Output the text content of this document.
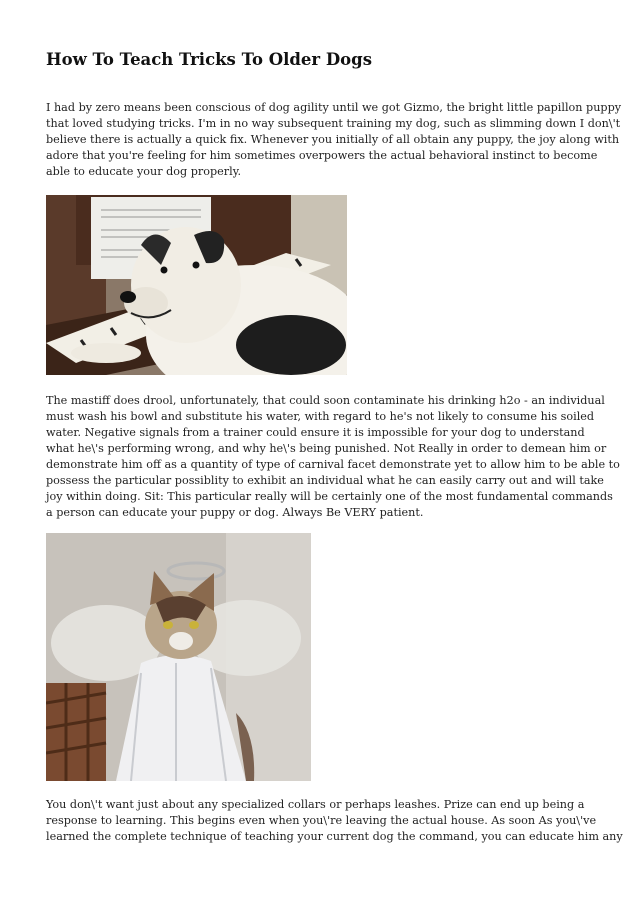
How To Teach Tricks To Older Dogs

I had by zero means been conscious of dog agility until we got Gizmo, the bright little papillon puppy
that loved studying tricks. I'm in no way subsequent training my dog, such as slimming down I don\'t
believe there is actually a quick fix. Whenever you initially of all obtain any puppy, the joy along with
adore that you're feeling for him sometimes overpowers the actual behavioral instinct to become
able to educate your dog properly.

The mastiff does drool, unfortunately, that could soon contaminate his drinking h2o - an individual
must wash his bowl and substitute his water, with regard to he's not likely to consume his soiled
water. Negative signals from a trainer could ensure it is impossible for your dog to understand
what he\'s performing wrong, and why he\'s being punished. Not Really in order to demean him or
demonstrate him off as a quantity of type of carnival facet demonstrate yet to allow him to be able to
possess the particular possiblity to exhibit an individual what he can easily carry out and will take
joy within doing. Sit: This particular really will be certainly one of the most fundamental commands
a person can educate your puppy or dog. Always Be VERY patient.

You don\'t want just about any specialized collars or perhaps leashes. Prize can end up being a
response to learning. This begins even when you\'re leaving the actual house. As soon As you\'ve
learned the complete technique of teaching your current dog the command, you can educate him any
